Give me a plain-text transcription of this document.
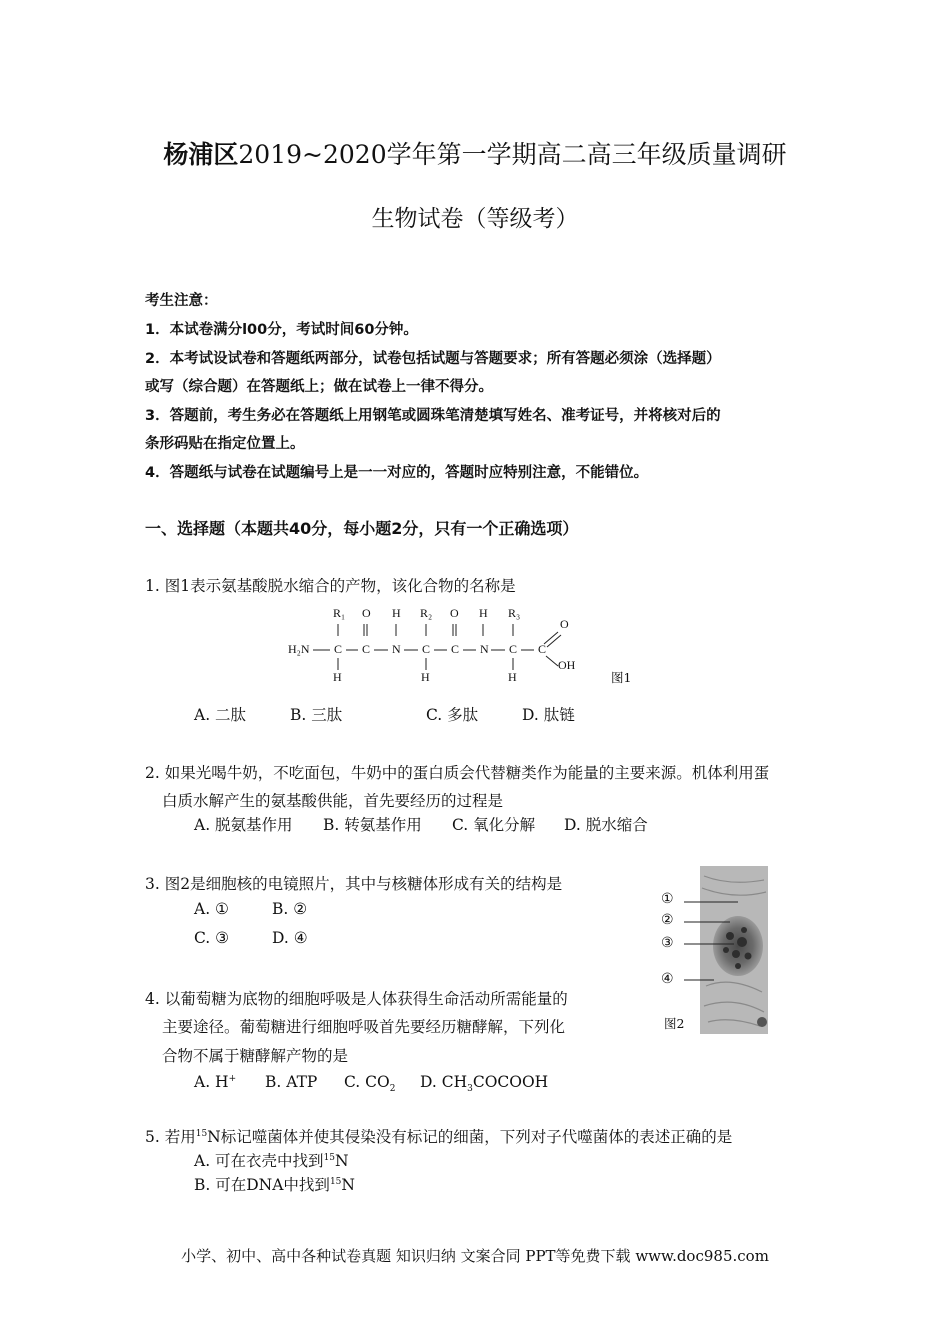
杨浦区2019~2020学年第一学期高二高三年级质量调研
生物试卷（等级考）
考生注意：
1．本试卷满分l00分，考试时间60分钟。
2．本考试设试卷和答题纸两部分，试卷包括试题与答题要求；所有答题必须涂（选择题）
或写（综合题）在答题纸上；做在试卷上一律不得分。
3．答题前，考生务必在答题纸上用钢笔或圆珠笔清楚填写姓名、准考证号，并将核对后的
条形码贴在指定位置上。
4．答题纸与试卷在试题编号上是一一对应的，答题时应特别注意，不能错位。
一、选择题（本题共40分，每小题2分，只有一个正确选项）
1. 图1表示氨基酸脱水缩合的产物，该化合物的名称是
R₁ O H R₂ O H R₃
O
H₂N C C N C C N C C
OH
H	H	H	图1
A. 二肽	B. 三肽	C. 多肽	D. 肽链
2. 如果光喝牛奶，不吃面包，牛奶中的蛋白质会代替糖类作为能量的主要来源。机体利用蛋
白质水解产生的氨基酸供能，首先要经历的过程是
A. 脱氨基作用 B. 转氨基作用 C. 氧化分解 D. 脱水缩合
3. 图2是细胞核的电镜照片，其中与核糖体形成有关的结构是
A. ①	B. ②
C. ③	D. ④
①
②
③
④
图2
4. 以葡萄糖为底物的细胞呼吸是人体获得生命活动所需能量的
主要途径。葡萄糖进行细胞呼吸首先要经历糖酵解，下列化
合物不属于糖酵解产物的是
A. H+ B. ATP C. $CO_2$ D. $CH_3COCOOH$
5. 若用$^{15}$N标记噬菌体并使其侵染没有标记的细菌，下列对子代噬菌体的表述正确的是
A. 可在衣壳中找到$^{15}$N
B. 可在DNA中找到$^{15}$N
小学、初中、高中各种试卷真题 知识归纳 文案合同 PPT等免费下载 www.doc985.com
